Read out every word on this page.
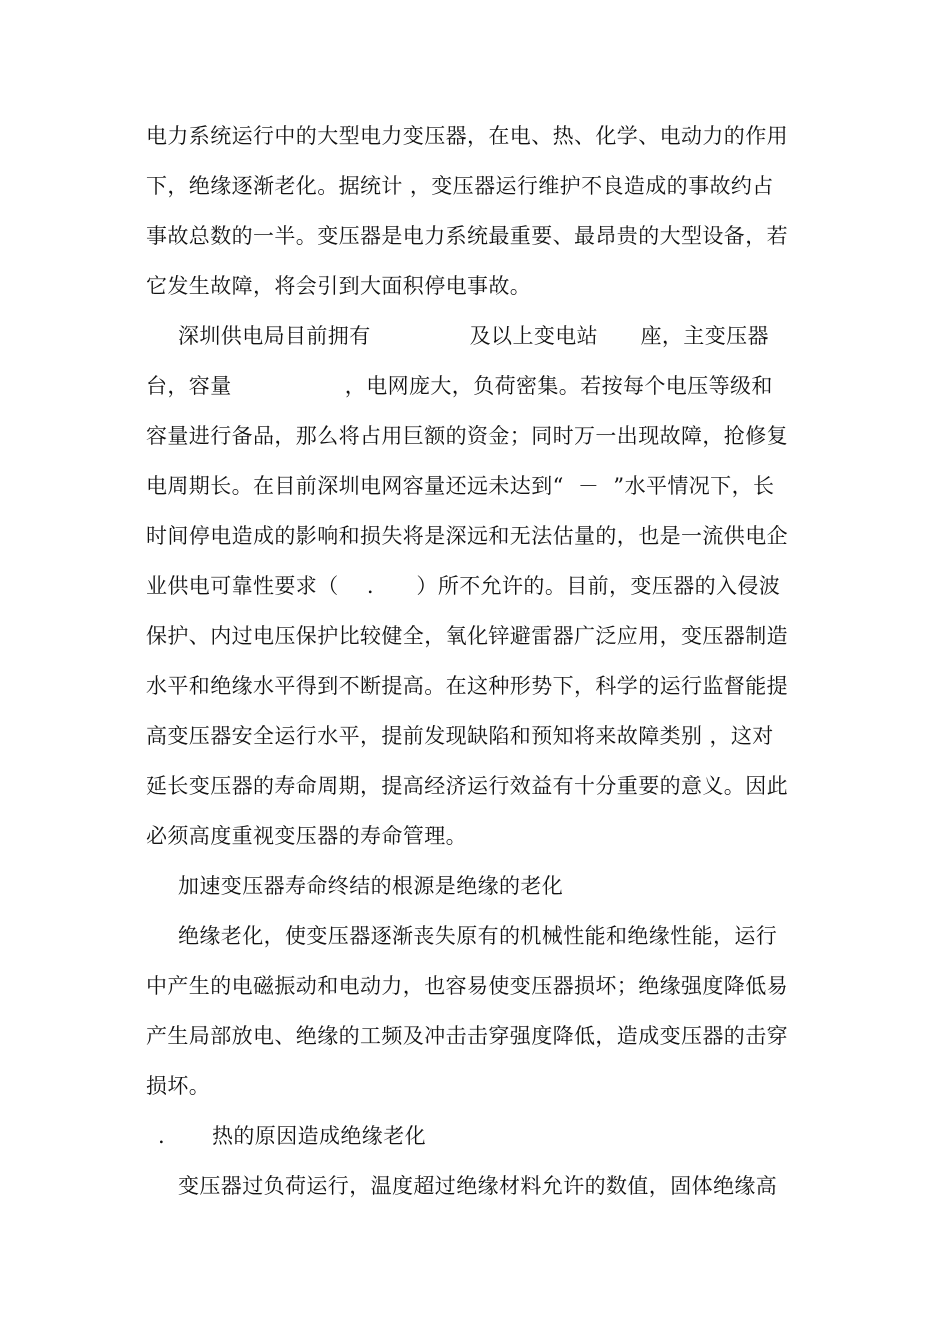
电力系统运行中的大型电力变压器，在电、热、化学、电动力的作用
下，绝缘逐渐老化。据统计 ，变压器运行维护不良造成的事故约占
事故总数的一半。变压器是电力系统最重要、最昂贵的大型设备，若
它发生故障，将会引到大面积停电事故。
深圳供电局目前拥有              及以上变电站      座，主变压器
台，容量                ，电网庞大，负荷密集。若按每个电压等级和
容量进行备品，那么将占用巨额的资金；同时万一出现故障，抢修复
电周期长。在目前深圳电网容量还远未达到“  －  ”水平情况下，长
时间停电造成的影响和损失将是深远和无法估量的，也是一流供电企
业供电可靠性要求（    .      ）所不允许的。目前，变压器的入侵波
保护、内过电压保护比较健全，氧化锌避雷器广泛应用，变压器制造
水平和绝缘水平得到不断提高。在这种形势下，科学的运行监督能提
高变压器安全运行水平，提前发现缺陷和预知将来故障类别 ，这对
延长变压器的寿命周期，提高经济运行效益有十分重要的意义。因此
必须高度重视变压器的寿命管理。
加速变压器寿命终结的根源是绝缘的老化
绝缘老化，使变压器逐渐丧失原有的机械性能和绝缘性能，运行
中产生的电磁振动和电动力，也容易使变压器损坏；绝缘强度降低易
产生局部放电、绝缘的工频及冲击击穿强度降低，造成变压器的击穿
损坏。
. 热的原因造成绝缘老化
变压器过负荷运行，温度超过绝缘材料允许的数值，固体绝缘高
